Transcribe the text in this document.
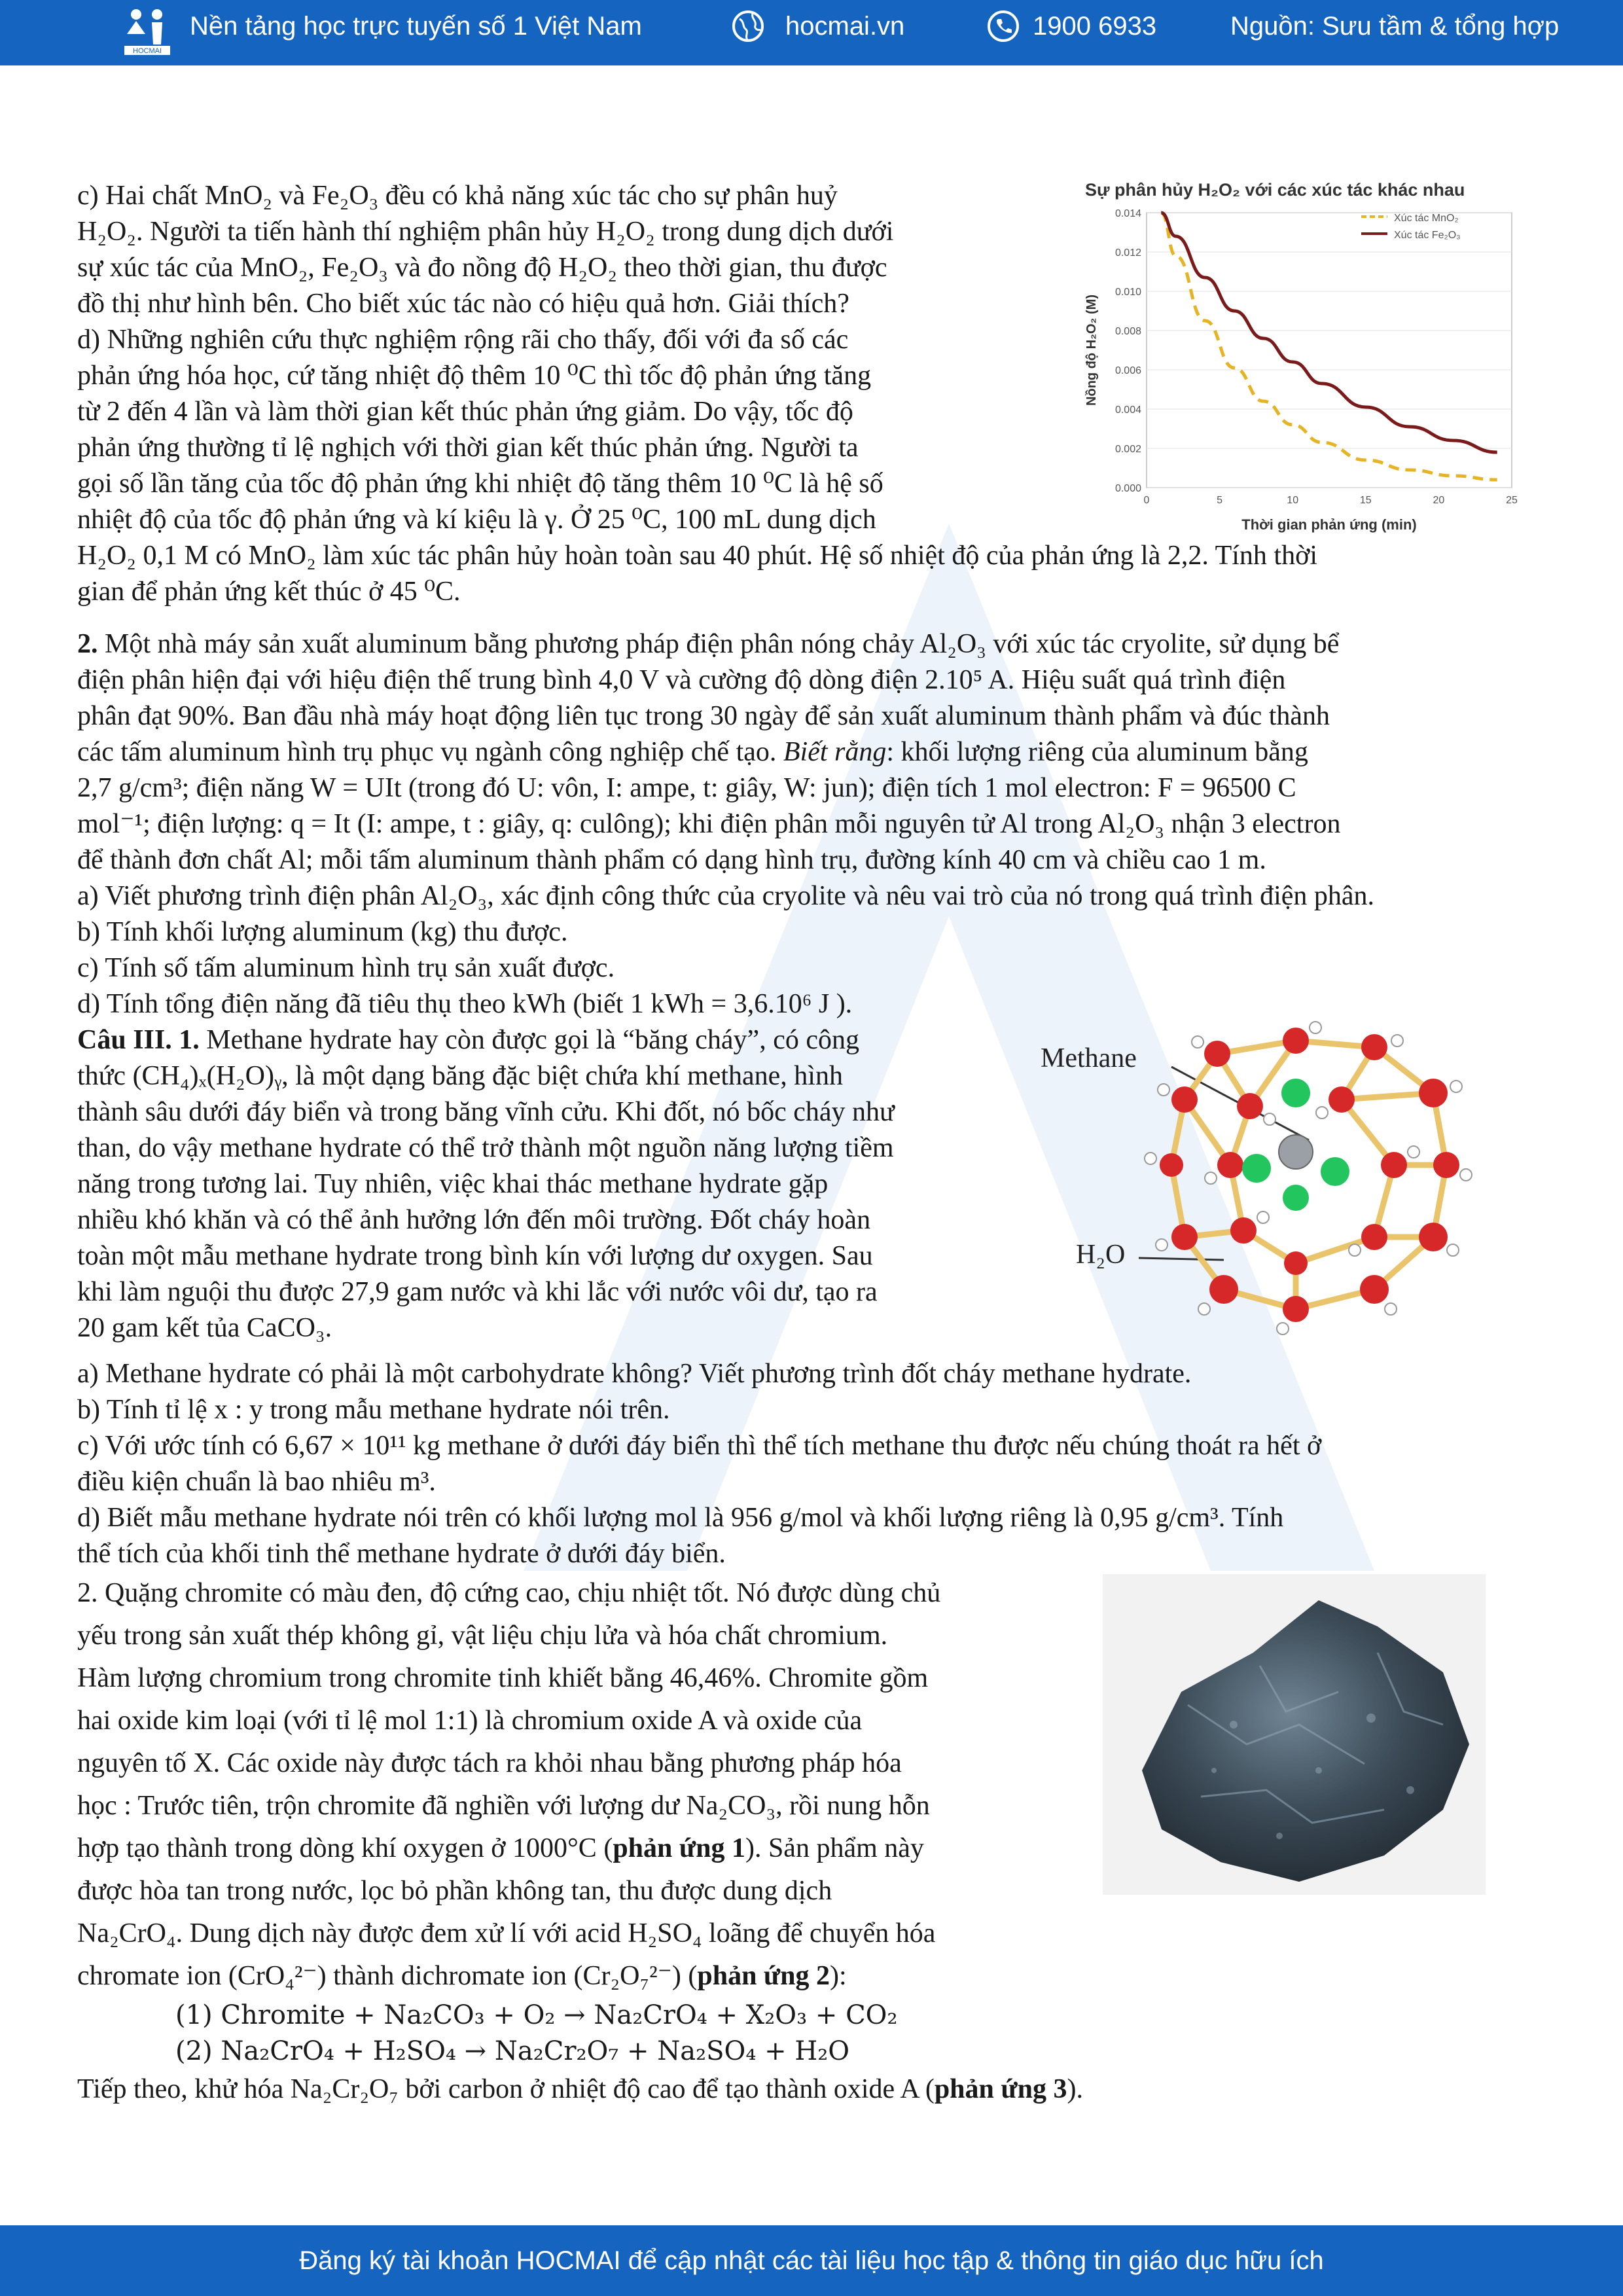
HOCMAI
Nền tảng học trực tuyến số 1 Việt Nam	hocmai.vn	1900 6933	Nguồn: Sưu tầm & tổng hợp
c) Hai chất MnO₂ và Fe₂O₃ đều có khả năng xúc tác cho sự phân huỷ
H₂O₂. Người ta tiến hành thí nghiệm phân hủy H₂O₂ trong dung dịch dưới
sự xúc tác của MnO₂, Fe₂O₃ và đo nồng độ H₂O₂ theo thời gian, thu được
đồ thị như hình bên. Cho biết xúc tác nào có hiệu quả hơn. Giải thích?
d) Những nghiên cứu thực nghiệm rộng rãi cho thấy, đối với đa số các
phản ứng hóa học, cứ tăng nhiệt độ thêm 10 ⁰C thì tốc độ phản ứng tăng
từ 2 đến 4 lần và làm thời gian kết thúc phản ứng giảm. Do vậy, tốc độ
phản ứng thường tỉ lệ nghịch với thời gian kết thúc phản ứng. Người ta
gọi số lần tăng của tốc độ phản ứng khi nhiệt độ tăng thêm 10 ⁰C là hệ số
nhiệt độ của tốc độ phản ứng và kí kiệu là γ. Ở 25 ⁰C, 100 mL dung dịch
H₂O₂ 0,1 M có MnO₂ làm xúc tác phân hủy hoàn toàn sau 40 phút. Hệ số nhiệt độ của phản ứng là 2,2. Tính thời
gian để phản ứng kết thúc ở 45 ⁰C.
Sự phân hủy H₂O₂ với các xúc tác khác nhau
0.000
0.002
0.004
0.006
0.008
0.010
0.012
0.014
0	5	10	15	20	25
Nồng độ H₂O₂ (M)
Thời gian phản ứng (min)
Xúc tác MnO₂
Xúc tác Fe₂O₃
2. Một nhà máy sản xuất aluminum bằng phương pháp điện phân nóng chảy Al₂O₃ với xúc tác cryolite, sử dụng bể
điện phân hiện đại với hiệu điện thế trung bình 4,0 V và cường độ dòng điện 2.10⁵ A. Hiệu suất quá trình điện
phân đạt 90%. Ban đầu nhà máy hoạt động liên tục trong 30 ngày để sản xuất aluminum thành phẩm và đúc thành
các tấm aluminum hình trụ phục vụ ngành công nghiệp chế tạo. Biết rằng: khối lượng riêng của aluminum bằng
2,7 g/cm³; điện năng W = UIt (trong đó U: vôn, I: ampe, t: giây, W: jun); điện tích 1 mol electron: F = 96500 C
mol⁻¹; điện lượng: q = It (I: ampe, t : giây, q: culông); khi điện phân mỗi nguyên tử Al trong Al₂O₃ nhận 3 electron
để thành đơn chất Al; mỗi tấm aluminum thành phẩm có dạng hình trụ, đường kính 40 cm và chiều cao 1 m.
a) Viết phương trình điện phân Al₂O₃, xác định công thức của cryolite và nêu vai trò của nó trong quá trình điện phân.
b) Tính khối lượng aluminum (kg) thu được.
c) Tính số tấm aluminum hình trụ sản xuất được.
d) Tính tổng điện năng đã tiêu thụ theo kWh (biết 1 kWh = 3,6.10⁶ J ).
Câu III. 1. Methane hydrate hay còn được gọi là “băng cháy”, có công
thức (CH₄)ₓ(H₂O)ᵧ, là một dạng băng đặc biệt chứa khí methane, hình
thành sâu dưới đáy biển và trong băng vĩnh cửu. Khi đốt, nó bốc cháy như
than, do vậy methane hydrate có thể trở thành một nguồn năng lượng tiềm
năng trong tương lai. Tuy nhiên, việc khai thác methane hydrate gặp
nhiều khó khăn và có thể ảnh hưởng lớn đến môi trường. Đốt cháy hoàn
toàn một mẫu methane hydrate trong bình kín với lượng dư oxygen. Sau
khi làm nguội thu được 27,9 gam nước và khi lắc với nước vôi dư, tạo ra
20 gam kết tủa CaCO₃.
Methane
H₂O
a) Methane hydrate có phải là một carbohydrate không? Viết phương trình đốt cháy methane hydrate.
b) Tính tỉ lệ x : y trong mẫu methane hydrate nói trên.
c) Với ước tính có 6,67 × 10¹¹ kg methane ở dưới đáy biển thì thể tích methane thu được nếu chúng thoát ra hết ở
điều kiện chuẩn là bao nhiêu m³.
d) Biết mẫu methane hydrate nói trên có khối lượng mol là 956 g/mol và khối lượng riêng là 0,95 g/cm³. Tính
thể tích của khối tinh thể methane hydrate ở dưới đáy biển.
2. Quặng chromite có màu đen, độ cứng cao, chịu nhiệt tốt. Nó được dùng chủ
yếu trong sản xuất thép không gỉ, vật liệu chịu lửa và hóa chất chromium.
Hàm lượng chromium trong chromite tinh khiết bằng 46,46%. Chromite gồm
hai oxide kim loại (với tỉ lệ mol 1:1) là chromium oxide A và oxide của
nguyên tố X. Các oxide này được tách ra khỏi nhau bằng phương pháp hóa
học : Trước tiên, trộn chromite đã nghiền với lượng dư Na₂CO₃, rồi nung hỗn
hợp tạo thành trong dòng khí oxygen ở 1000°C (phản ứng 1). Sản phẩm này
được hòa tan trong nước, lọc bỏ phần không tan, thu được dung dịch
Na₂CrO₄. Dung dịch này được đem xử lí với acid H₂SO₄ loãng để chuyển hóa
chromate ion (CrO₄²⁻) thành dichromate ion (Cr₂O₇²⁻) (phản ứng 2):
(1) Chromite + Na₂CO₃ + O₂ → Na₂CrO₄ + X₂O₃ + CO₂
(2) Na₂CrO₄ + H₂SO₄ → Na₂Cr₂O₇ + Na₂SO₄ + H₂O
Tiếp theo, khử hóa Na₂Cr₂O₇ bởi carbon ở nhiệt độ cao để tạo thành oxide A (phản ứng 3).
Đăng ký tài khoản HOCMAI để cập nhật các tài liệu học tập & thông tin giáo dục hữu ích
